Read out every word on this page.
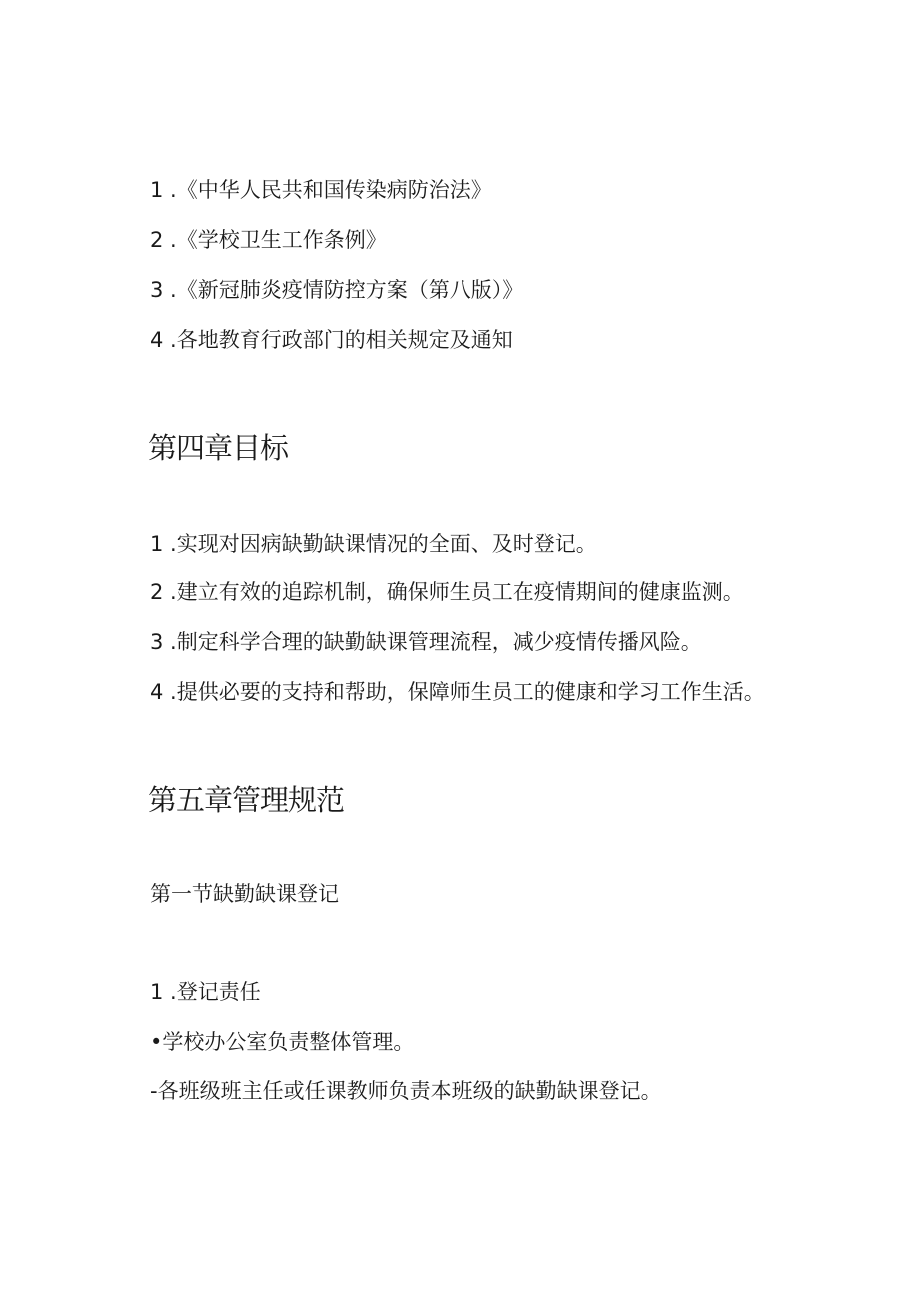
1 .《中华人民共和国传染病防治法》
2 .《学校卫生工作条例》
3 .《新冠肺炎疫情防控方案（第八版）》
4 .各地教育行政部门的相关规定及通知
第四章目标
1 .实现对因病缺勤缺课情况的全面、及时登记。
2 .建立有效的追踪机制，确保师生员工在疫情期间的健康监测。
3 .制定科学合理的缺勤缺课管理流程，减少疫情传播风险。
4 .提供必要的支持和帮助，保障师生员工的健康和学习工作生活。
第五章管理规范
第一节缺勤缺课登记
1 .登记责任
•学校办公室负责整体管理。
-各班级班主任或任课教师负责本班级的缺勤缺课登记。
